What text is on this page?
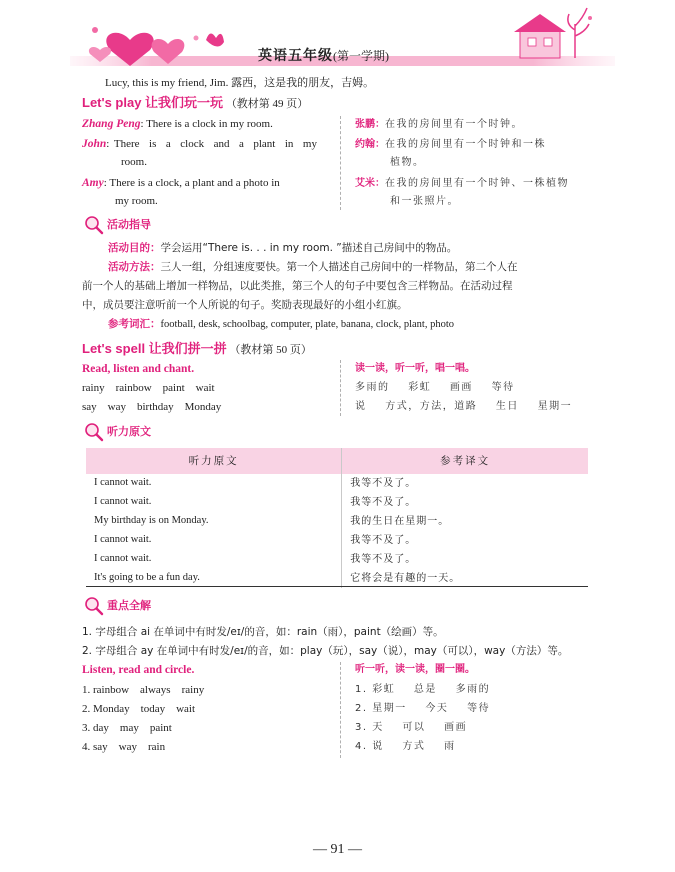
英语五年级(第一学期)
Lucy, this is my friend, Jim. 露西，这是我的朋友，吉姆。
Let's play 让我们玩一玩 （教材第 49 页）
Zhang Peng: There is a clock in my room.
John: There  is  a  clock  and  a  plant  in  my
room.
Amy: There is a clock, a plant and a photo in
my room.
张鹏：在我的房间里有一个时钟。
约翰：在我的房间里有一个时钟和一株
植物。
艾米：在我的房间里有一个时钟、一株植物
和一张照片。
活动指导
活动目的：学会运用“There is. . . in my room. ”描述自己房间中的物品。
活动方法：三人一组，分组速度要快。第一个人描述自己房间中的一样物品，第二个人在
前一个人的基础上增加一样物品，以此类推，第三个人的句子中要包含三样物品。在活动过程
中，成员要注意听前一个人所说的句子。奖励表现最好的小组小红旗。
参考词汇：football, desk, schoolbag, computer, plate, banana, clock, plant, photo
Let's spell 让我们拼一拼 （教材第 50 页）
Read, listen and chant.
rainy    rainbow    paint    wait
say    way    birthday    Monday
读一读，听一听，唱一唱。
多雨的    彩虹    画画    等待
说    方式，方法，道路    生日    星期一
听力原文
听力原文	参考译文
I cannot wait.	我等不及了。
I cannot wait.	我等不及了。
My birthday is on Monday.	我的生日在星期一。
I cannot wait.	我等不及了。
I cannot wait.	我等不及了。
It's going to be a fun day.	它将会是有趣的一天。
重点全解
1. 字母组合 ai 在单词中有时发/eɪ/的音，如：rain（雨），paint（绘画）等。
2. 字母组合 ay 在单词中有时发/eɪ/的音，如：play（玩），say（说），may（可以），way（方法）等。
Listen, read and circle.
1. rainbow    always    rainy
2. Monday    today    wait
3. day    may    paint
4. say    way    rain
听一听，读一读，圈一圈。
1. 彩虹    总是    多雨的
2. 星期一    今天    等待
3. 天    可以    画画
4. 说    方式    雨
— 91 —
